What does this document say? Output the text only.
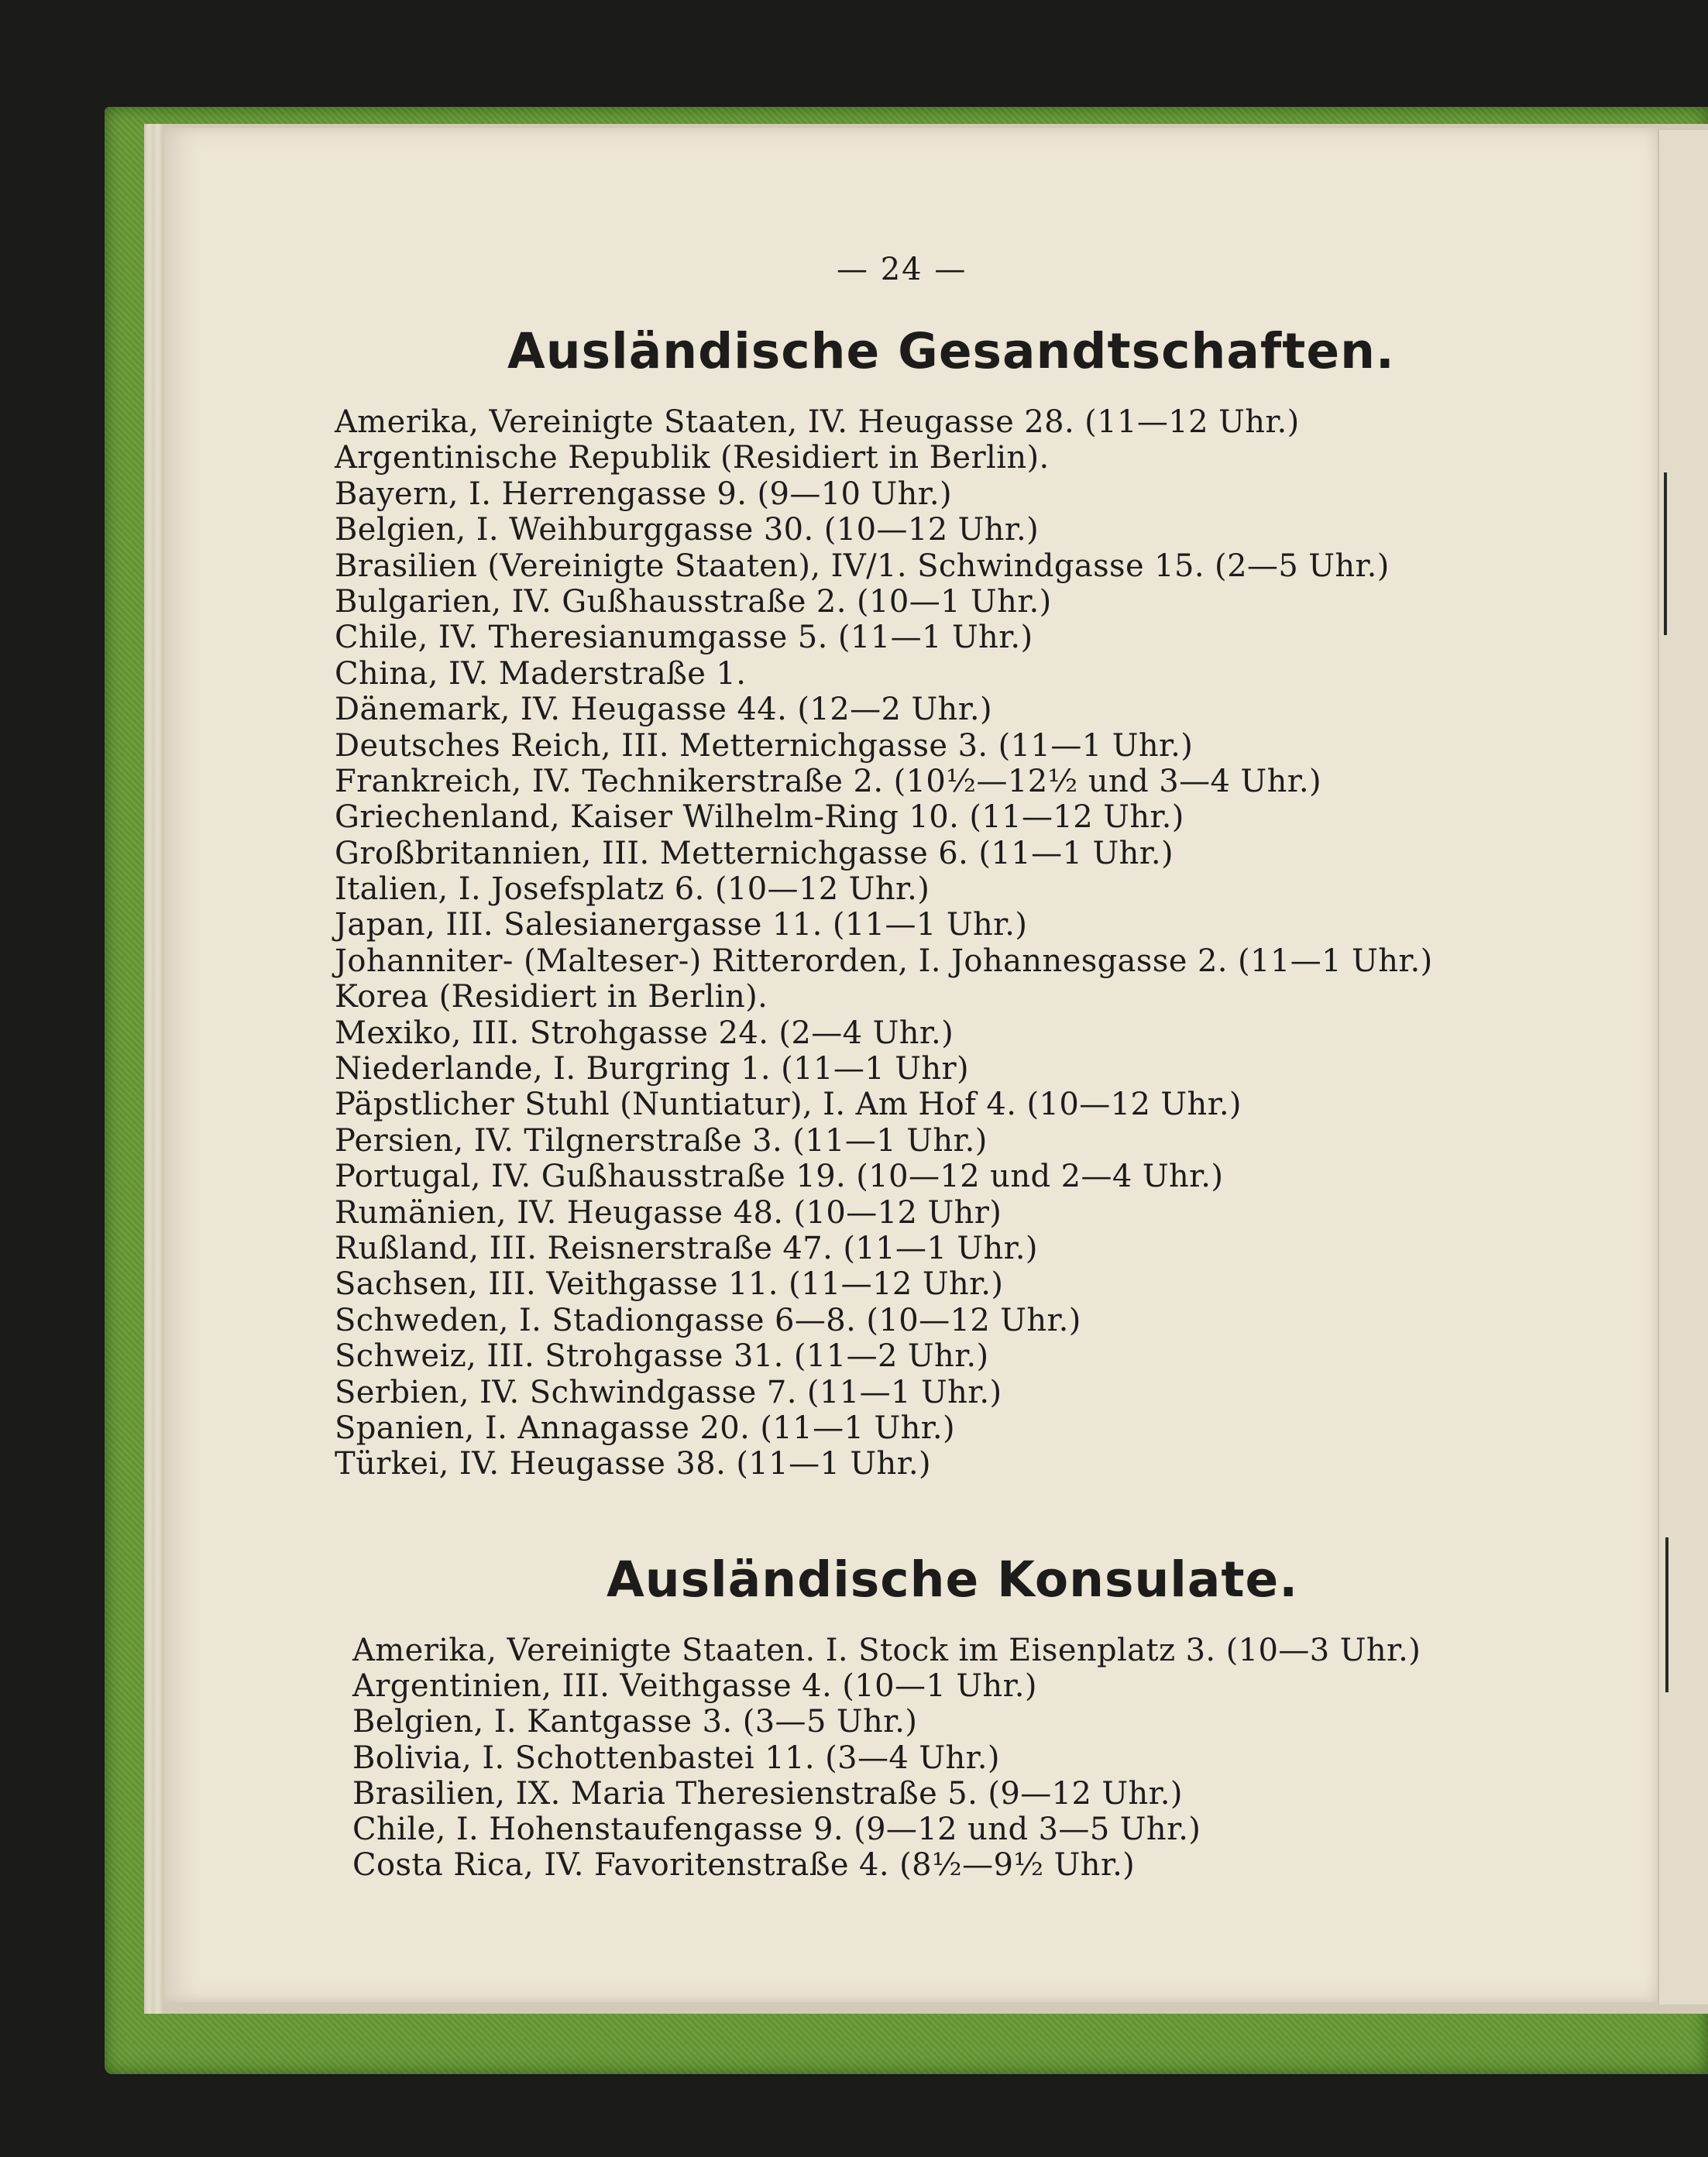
— 24 —
Ausländische Gesandtschaften.
Amerika, Vereinigte Staaten, IV. Heugasse 28. (11—12 Uhr.)
Argentinische Republik (Residiert in Berlin).
Bayern, I. Herrengasse 9. (9—10 Uhr.)
Belgien, I. Weihburggasse 30. (10—12 Uhr.)
Brasilien (Vereinigte Staaten), IV/1. Schwindgasse 15. (2—5 Uhr.)
Bulgarien, IV. Gußhausstraße 2. (10—1 Uhr.)
Chile, IV. Theresianumgasse 5. (11—1 Uhr.)
China, IV. Maderstraße 1.
Dänemark, IV. Heugasse 44. (12—2 Uhr.)
Deutsches Reich, III. Metternichgasse 3. (11—1 Uhr.)
Frankreich, IV. Technikerstraße 2. (10½—12½ und 3—4 Uhr.)
Griechenland, Kaiser Wilhelm-Ring 10. (11—12 Uhr.)
Großbritannien, III. Metternichgasse 6. (11—1 Uhr.)
Italien, I. Josefsplatz 6. (10—12 Uhr.)
Japan, III. Salesianergasse 11. (11—1 Uhr.)
Johanniter- (Malteser-) Ritterorden, I. Johannesgasse 2. (11—1 Uhr.)
Korea (Residiert in Berlin).
Mexiko, III. Strohgasse 24. (2—4 Uhr.)
Niederlande, I. Burgring 1. (11—1 Uhr)
Päpstlicher Stuhl (Nuntiatur), I. Am Hof 4. (10—12 Uhr.)
Persien, IV. Tilgnerstraße 3. (11—1 Uhr.)
Portugal, IV. Gußhausstraße 19. (10—12 und 2—4 Uhr.)
Rumänien, IV. Heugasse 48. (10—12 Uhr)
Rußland, III. Reisnerstraße 47. (11—1 Uhr.)
Sachsen, III. Veithgasse 11. (11—12 Uhr.)
Schweden, I. Stadiongasse 6—8. (10—12 Uhr.)
Schweiz, III. Strohgasse 31. (11—2 Uhr.)
Serbien, IV. Schwindgasse 7. (11—1 Uhr.)
Spanien, I. Annagasse 20. (11—1 Uhr.)
Türkei, IV. Heugasse 38. (11—1 Uhr.)
Ausländische Konsulate.
Amerika, Vereinigte Staaten. I. Stock im Eisenplatz 3. (10—3 Uhr.)
Argentinien, III. Veithgasse 4. (10—1 Uhr.)
Belgien, I. Kantgasse 3. (3—5 Uhr.)
Bolivia, I. Schottenbastei 11. (3—4 Uhr.)
Brasilien, IX. Maria Theresienstraße 5. (9—12 Uhr.)
Chile, I. Hohenstaufengasse 9. (9—12 und 3—5 Uhr.)
Costa Rica, IV. Favoritenstraße 4. (8½—9½ Uhr.)
